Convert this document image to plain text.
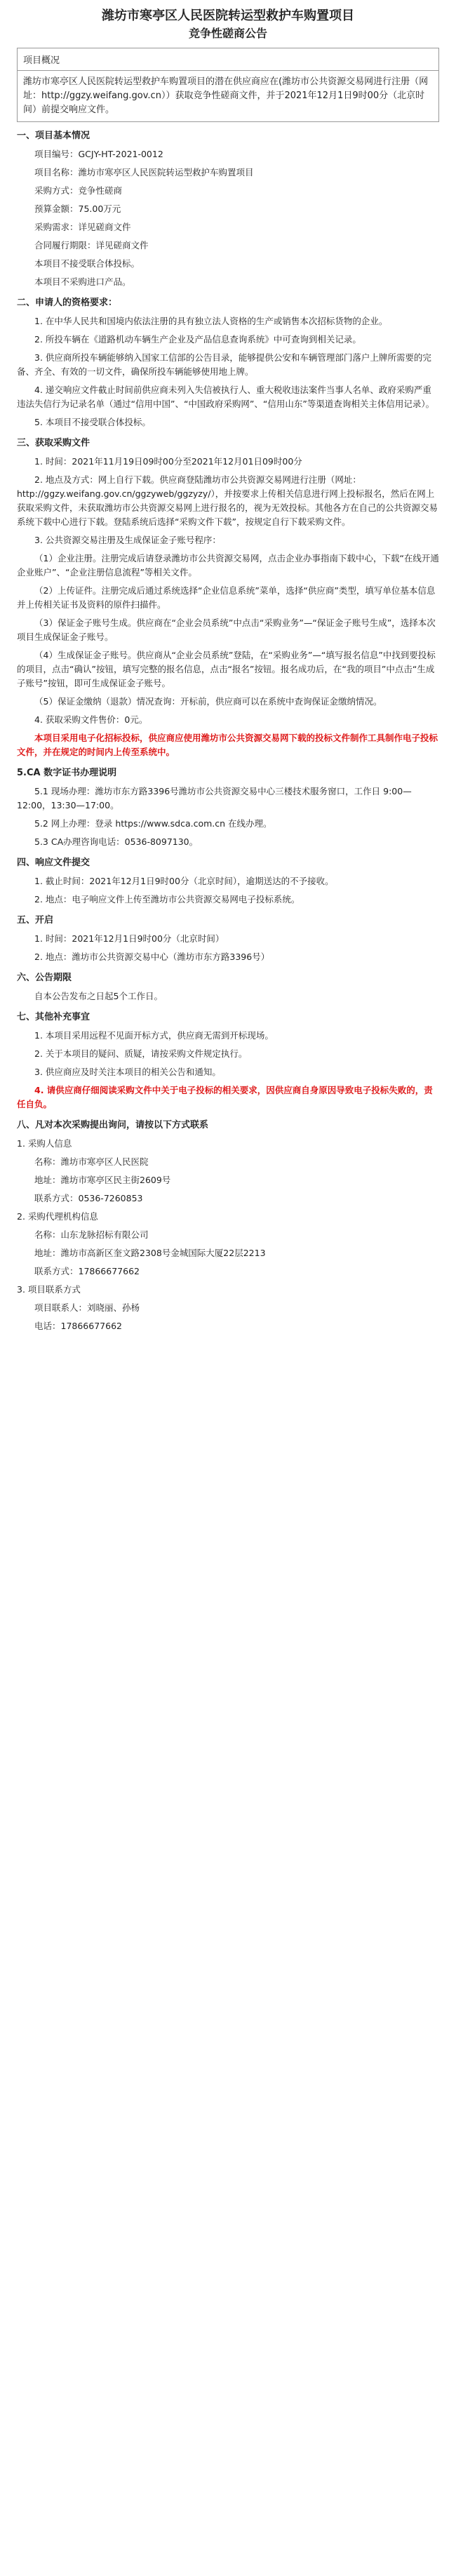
潍坊市寒亭区人民医院转运型救护车购置项目
竞争性磋商公告
项目概况
潍坊市寒亭区人民医院转运型救护车购置项目的潜在供应商应在(潍坊市公共资源交易网进行注册（网址：http://ggzy.weifang.gov.cn））获取竞争性磋商文件，并于2021年12月1日9时00分（北京时间）前提交响应文件。
一、项目基本情况

项目编号：GCJY-HT-2021-0012

项目名称：潍坊市寒亭区人民医院转运型救护车购置项目

采购方式：竞争性磋商

预算金额：75.00万元

采购需求：详见磋商文件

合同履行期限：详见磋商文件

本项目不接受联合体投标。

本项目不采购进口产品。

二、申请人的资格要求：

1. 在中华人民共和国境内依法注册的具有独立法人资格的生产或销售本次招标货物的企业。

2. 所投车辆在《道路机动车辆生产企业及产品信息查询系统》中可查询到相关记录。

3. 供应商所投车辆能够纳入国家工信部的公告目录，能够提供公安和车辆管理部门落户上牌所需要的完备、齐全、有效的一切文件，确保所投车辆能够使用地上牌。

4. 递交响应文件截止时间前供应商未列入失信被执行人、重大税收违法案件当事人名单、政府采购严重违法失信行为记录名单（通过“信用中国”、“中国政府采购网”、“信用山东”等渠道查询相关主体信用记录）。

5. 本项目不接受联合体投标。

三、获取采购文件

1. 时间：2021年11月19日09时00分至2021年12月01日09时00分

2. 地点及方式：网上自行下载。供应商登陆潍坊市公共资源交易网进行注册（网址：http://ggzy.weifang.gov.cn/ggzyweb/ggzyzy/），并按要求上传相关信息进行网上投标报名，然后在网上获取采购文件，未获取潍坊市公共资源交易网上进行报名的，视为无效投标。其他各方在自己的公共资源交易系统下载中心进行下载。登陆系统后选择“采购文件下载”，按规定自行下载采购文件。

3. 公共资源交易注册及生成保证金子账号程序：

（1）企业注册。注册完成后请登录潍坊市公共资源交易网，点击企业办事指南下载中心，下载“在线开通企业账户”、“企业注册信息流程”等相关文件。

（2）上传证件。注册完成后通过系统选择“企业信息系统”菜单，选择“供应商”类型，填写单位基本信息并上传相关证书及资料的原件扫描件。

（3）保证金子账号生成。供应商在“企业会员系统”中点击“采购业务”—“保证金子账号生成”，选择本次项目生成保证金子账号。

（4）生成保证金子账号。供应商从“企业会员系统”登陆，在“采购业务”—“填写报名信息”中找到要投标的项目，点击“确认”按钮，填写完整的报名信息，点击“报名”按钮。报名成功后，在“我的项目”中点击“生成子账号”按钮，即可生成保证金子账号。

（5）保证金缴纳（退款）情况查询：开标前，供应商可以在系统中查询保证金缴纳情况。

4. 获取采购文件售价：0元。

本项目采用电子化招标投标，供应商应使用潍坊市公共资源交易网下载的投标文件制作工具制作电子投标文件，并在规定的时间内上传至系统中。

5.CA 数字证书办理说明

5.1 现场办理：潍坊市东方路3396号潍坊市公共资源交易中心三楼技术服务窗口，工作日 9:00—12:00，13:30—17:00。

5.2 网上办理：登录 https://www.sdca.com.cn 在线办理。

5.3 CA办理咨询电话：0536-8097130。

四、响应文件提交

1. 截止时间：2021年12月1日9时00分（北京时间），逾期送达的不予接收。

2. 地点：电子响应文件上传至潍坊市公共资源交易网电子投标系统。

五、开启

1. 时间：2021年12月1日9时00分（北京时间）

2. 地点：潍坊市公共资源交易中心（潍坊市东方路3396号）

六、公告期限

自本公告发布之日起5个工作日。

七、其他补充事宜

1. 本项目采用远程不见面开标方式，供应商无需到开标现场。

2. 关于本项目的疑问、质疑，请按采购文件规定执行。

3. 供应商应及时关注本项目的相关公告和通知。

4. 请供应商仔细阅读采购文件中关于电子投标的相关要求，因供应商自身原因导致电子投标失败的，责任自负。

八、凡对本次采购提出询问，请按以下方式联系

1. 采购人信息

名称：潍坊市寒亭区人民医院

地址：潍坊市寒亭区民主街2609号

联系方式：0536-7260853

2. 采购代理机构信息

名称：山东龙脉招标有限公司

地址：潍坊市高新区奎文路2308号金城国际大厦22层2213

联系方式：17866677662

3. 项目联系方式

项目联系人：刘晓丽、孙杨

电话：17866677662
